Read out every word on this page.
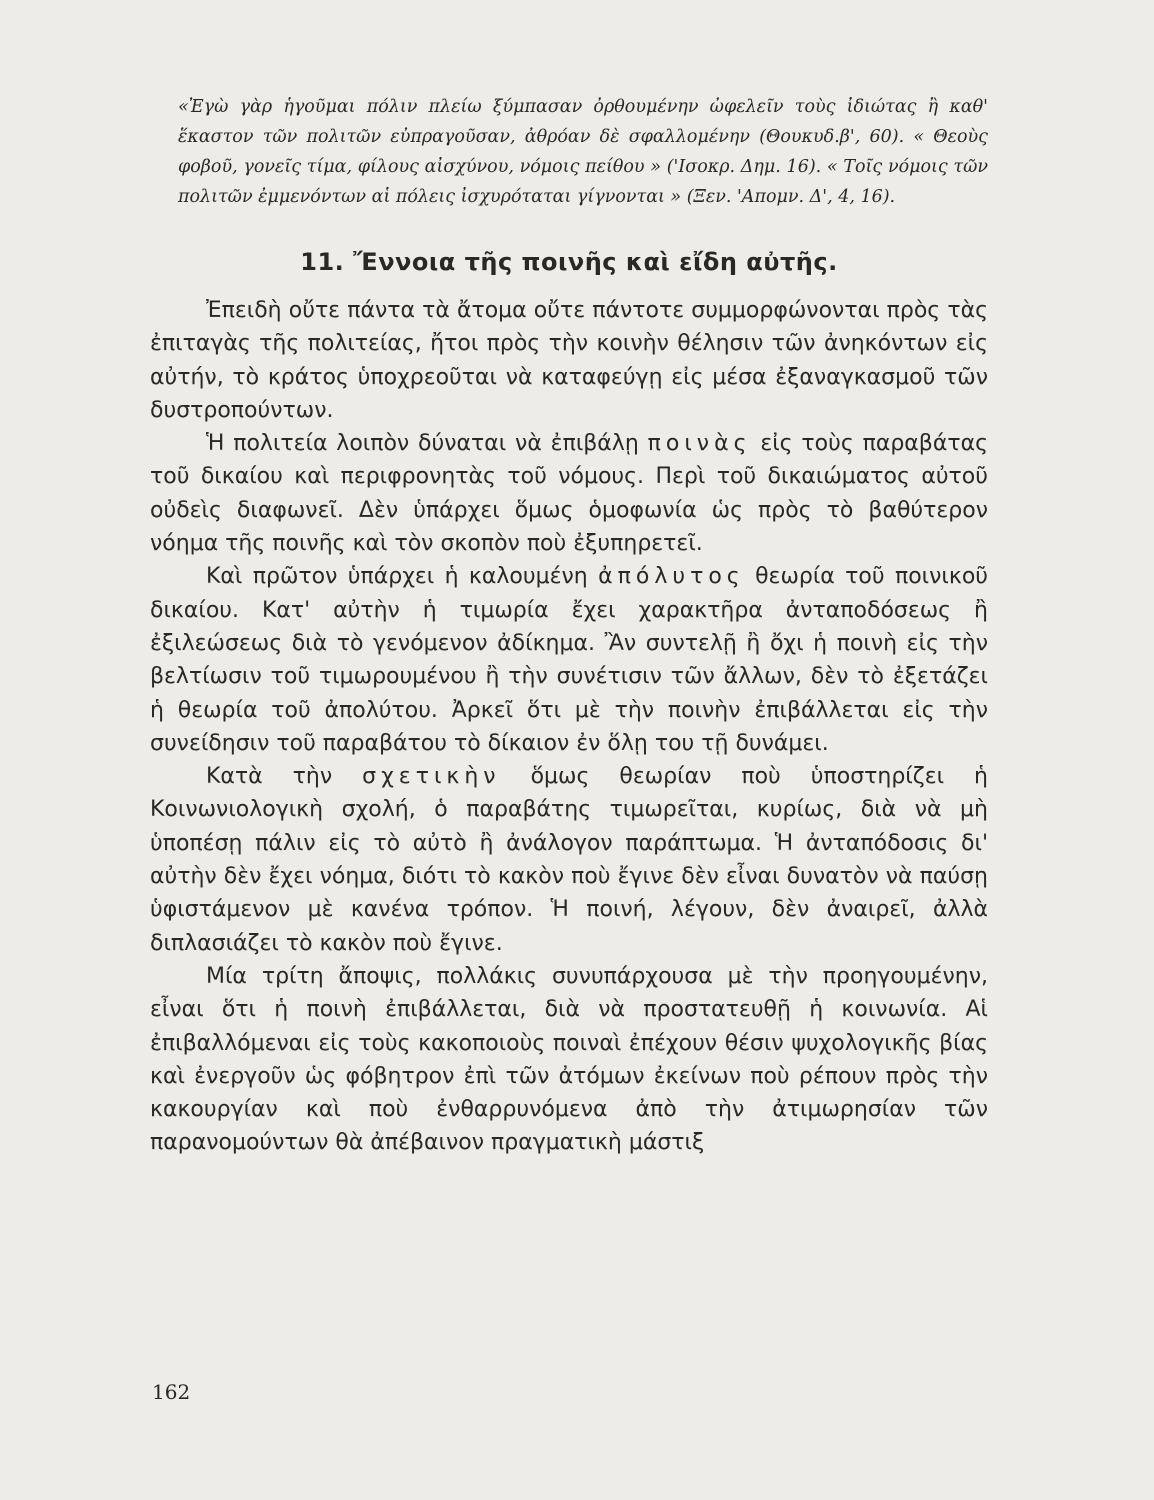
«Ἐγὼ γὰρ ἡγοῦμαι πόλιν πλείω ξύμπασαν ὀρθουμένην ὠφελεῖν τοὺς ἰδιώτας ἢ καθ' ἕκαστον τῶν πολιτῶν εὐπραγοῦσαν, ἀθρόαν δὲ σφαλλομένην (Θουκυδ.β', 60). « Θεοὺς φοβοῦ, γονεῖς τίμα, φίλους αἰσχύνου, νόμοις πείθου » ('Ισοκρ. Δημ. 16). « Τοῖς νόμοις τῶν πολιτῶν ἐμμενόντων αἱ πόλεις ἰσχυρόταται γίγνονται » (Ξεν. 'Απομν. Δ', 4, 16).

11. Ἔννοια τῆς ποινῆς καὶ εἴδη αὐτῆς.

Ἐπειδὴ οὔτε πάντα τὰ ἄτομα οὔτε πάντοτε συμμορφώνονται πρὸς τὰς ἐπιταγὰς τῆς πολιτείας, ἤτοι πρὸς τὴν κοινὴν θέλησιν τῶν ἀνηκόντων εἰς αὐτήν, τὸ κράτος ὑποχρεοῦται νὰ καταφεύγῃ εἰς μέσα ἐξαναγκασμοῦ τῶν δυστροπούντων.

Ἡ πολιτεία λοιπὸν δύναται νὰ ἐπιβάλῃ ποινὰς εἰς τοὺς παραβάτας τοῦ δικαίου καὶ περιφρονητὰς τοῦ νόμους. Περὶ τοῦ δικαιώματος αὐτοῦ οὐδεὶς διαφωνεῖ. Δὲν ὑπάρχει ὅμως ὁμοφωνία ὡς πρὸς τὸ βαθύτερον νόημα τῆς ποινῆς καὶ τὸν σκοπὸν ποὺ ἐξυπηρετεῖ.

Καὶ πρῶτον ὑπάρχει ἡ καλουμένη ἀπόλυτος θεωρία τοῦ ποινικοῦ δικαίου. Κατ' αὐτὴν ἡ τιμωρία ἔχει χαρακτῆρα ἀνταποδόσεως ἢ ἐξιλεώσεως διὰ τὸ γενόμενον ἀδίκημα. Ἂν συντελῇ ἢ ὄχι ἡ ποινὴ εἰς τὴν βελτίωσιν τοῦ τιμωρουμένου ἢ τὴν συνέτισιν τῶν ἄλλων, δὲν τὸ ἐξετάζει ἡ θεωρία τοῦ ἀπολύτου. Ἀρκεῖ ὅτι μὲ τὴν ποινὴν ἐπιβάλλεται εἰς τὴν συνείδησιν τοῦ παραβάτου τὸ δίκαιον ἐν ὅλῃ του τῇ δυνάμει.

Κατὰ τὴν σχετικὴν ὅμως θεωρίαν ποὺ ὑποστηρίζει ἡ Κοινωνιολογικὴ σχολή, ὁ παραβάτης τιμωρεῖται, κυρίως, διὰ νὰ μὴ ὑποπέσῃ πάλιν εἰς τὸ αὐτὸ ἢ ἀνάλογον παράπτωμα. Ἡ ἀνταπόδοσις δι' αὐτὴν δὲν ἔχει νόημα, διότι τὸ κακὸν ποὺ ἔγινε δὲν εἶναι δυνατὸν νὰ παύσῃ ὑφιστάμενον μὲ κανένα τρόπον. Ἡ ποινή, λέγουν, δὲν ἀναιρεῖ, ἀλλὰ διπλασιάζει τὸ κακὸν ποὺ ἔγινε.

Μία τρίτη ἄποψις, πολλάκις συνυπάρχουσα μὲ τὴν προηγουμένην, εἶναι ὅτι ἡ ποινὴ ἐπιβάλλεται, διὰ νὰ προστατευθῇ ἡ κοινωνία. Αἱ ἐπιβαλλόμεναι εἰς τοὺς κακοποιοὺς ποιναὶ ἐπέχουν θέσιν ψυχολογικῆς βίας καὶ ἐνεργοῦν ὡς φόβητρον ἐπὶ τῶν ἀτόμων ἐκείνων ποὺ ρέπουν πρὸς τὴν κακουργίαν καὶ ποὺ ἐνθαρρυνόμενα ἀπὸ τὴν ἀτιμωρησίαν τῶν παρανομούντων θὰ ἀπέβαινον πραγματικὴ μάστιξ

162
